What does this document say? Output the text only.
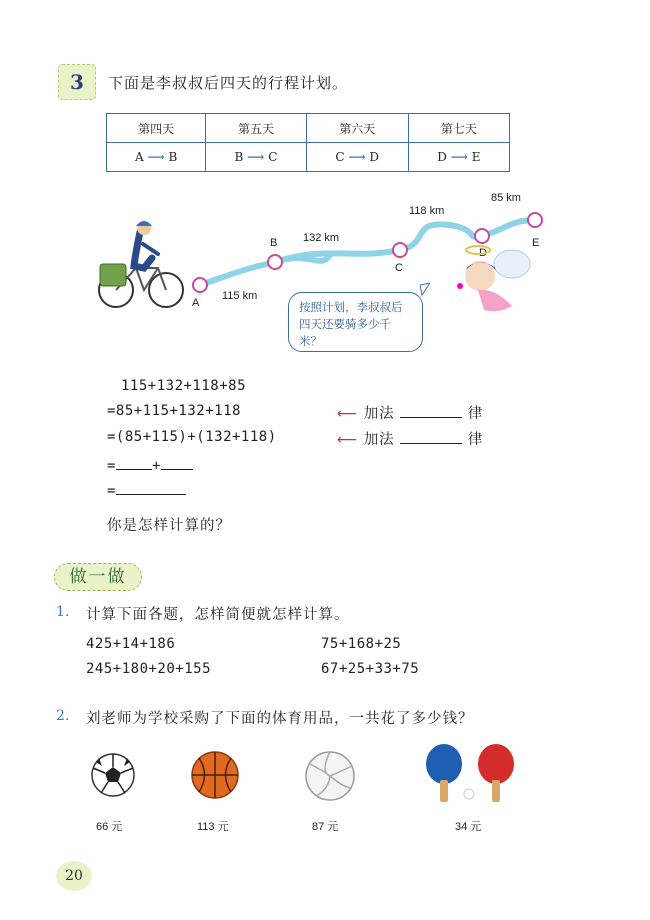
3	下面是李叔叔后四天的行程计划。
第四天	第五天	第六天	第七天
A ⟶ B	B ⟶ C	C ⟶ D	D ⟶ E
A
B
C
D
E
115 km
132 km
118 km
85 km
按照计划，李叔叔后四天还要骑多少千米？
115+132+118+85
=85+115+132+118
=(85+115)+(132+118)
=	+
=
⟵ 加法	律
⟵ 加法	律
你是怎样计算的？
做一做
1. 计算下面各题，怎样简便就怎样计算。
425+14+186	75+168+25
245+180+20+155	67+25+33+75
2. 刘老师为学校采购了下面的体育用品，一共花了多少钱？
66 元	113 元	87 元	34 元
20
